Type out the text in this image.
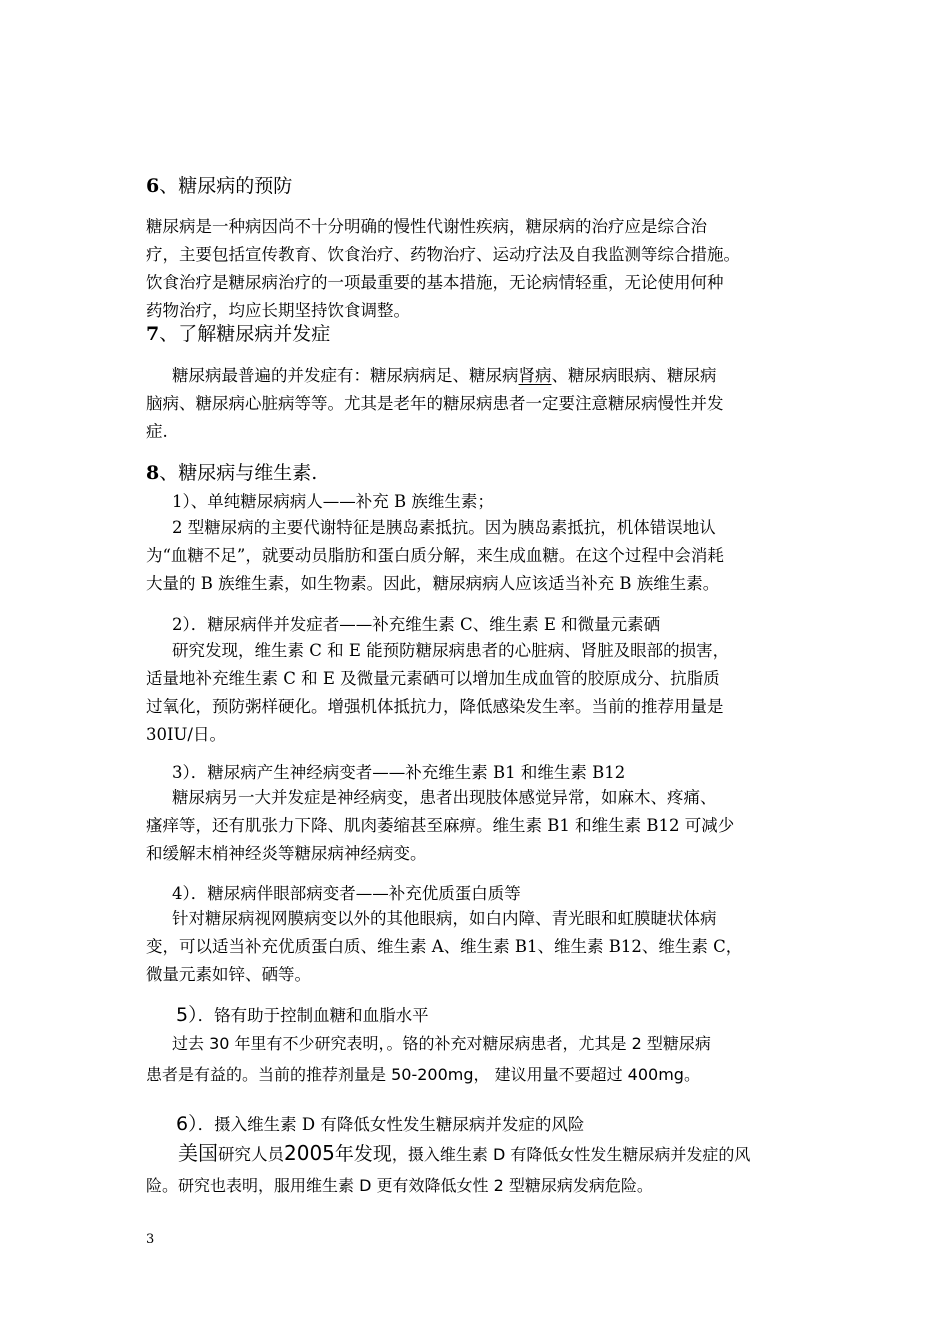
6、糖尿病的预防
糖尿病是一种病因尚不十分明确的慢性代谢性疾病，糖尿病的治疗应是综合治
疗，主要包括宣传教育、饮食治疗、药物治疗、运动疗法及自我监测等综合措施。
饮食治疗是糖尿病治疗的一项最重要的基本措施，无论病情轻重，无论使用何种
药物治疗，均应长期坚持饮食调整。
7、了解糖尿病并发症
糖尿病最普遍的并发症有：糖尿病病足、糖尿病肾病、糖尿病眼病、糖尿病
脑病、糖尿病心脏病等等。尤其是老年的糖尿病患者一定要注意糖尿病慢性并发
症.
8、糖尿病与维生素.
1）、单纯糖尿病病人——补充 B 族维生素；
2 型糖尿病的主要代谢特征是胰岛素抵抗。因为胰岛素抵抗，机体错误地认
为“血糖不足”，就要动员脂肪和蛋白质分解，来生成血糖。在这个过程中会消耗
大量的 B 族维生素，如生物素。因此，糖尿病病人应该适当补充 B 族维生素。
2）．糖尿病伴并发症者——补充维生素 C、维生素 E 和微量元素硒
研究发现，维生素 C 和 E 能预防糖尿病患者的心脏病、肾脏及眼部的损害，
适量地补充维生素 C 和 E 及微量元素硒可以增加生成血管的胶原成分、抗脂质
过氧化，预防粥样硬化。增强机体抵抗力，降低感染发生率。当前的推荐用量是
30IU/日。
3）．糖尿病产生神经病变者——补充维生素 B1 和维生素 B12
糖尿病另一大并发症是神经病变，患者出现肢体感觉异常，如麻木、疼痛、
瘙痒等，还有肌张力下降、肌肉萎缩甚至麻痹。维生素 B1 和维生素 B12 可减少
和缓解末梢神经炎等糖尿病神经病变。
4）．糖尿病伴眼部病变者——补充优质蛋白质等
针对糖尿病视网膜病变以外的其他眼病，如白内障、青光眼和虹膜睫状体病
变，可以适当补充优质蛋白质、维生素 A、维生素 B1、维生素 B12、维生素 C，
微量元素如锌、硒等。
5）．铬有助于控制血糖和血脂水平
过去 30 年里有不少研究表明，。铬的补充对糖尿病患者，尤其是 2 型糖尿病
患者是有益的。当前的推荐剂量是 50-200mg， 建议用量不要超过 400mg。
6）．摄入维生素 D 有降低女性发生糖尿病并发症的风险
美国研究人员2005年发现，摄入维生素 D 有降低女性发生糖尿病并发症的风
险。研究也表明，服用维生素 D 更有效降低女性 2 型糖尿病发病危险。
3
